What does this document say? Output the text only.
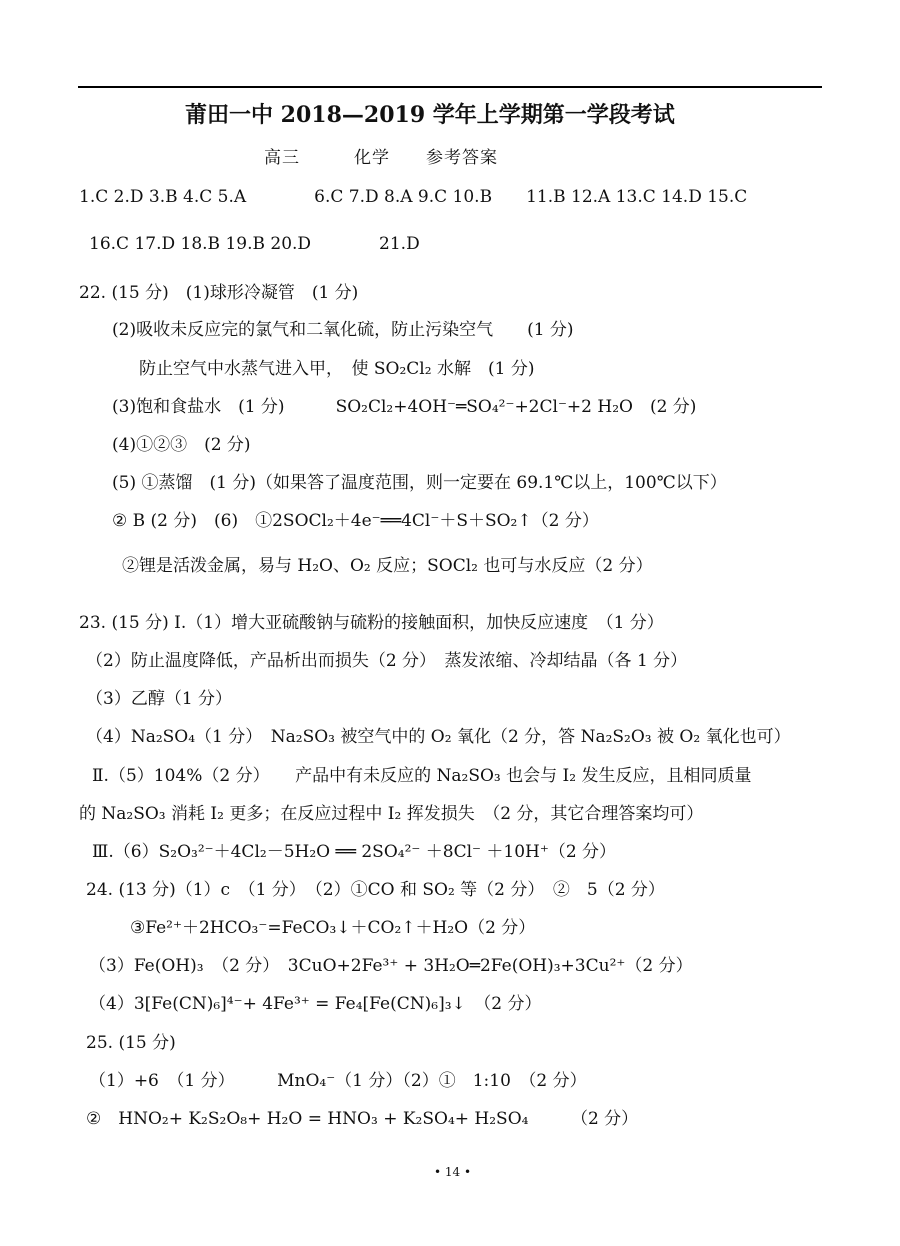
莆田一中 2018—2019 学年上学期第一学段考试
高三　　　化学　　参考答案
1.C 2.D 3.B 4.C 5.A　　　　6.C 7.D 8.A 9.C 10.B　　11.B 12.A 13.C 14.D 15.C
16.C 17.D 18.B 19.B 20.D　　　　21.D
22. (15 分)　(1)球形冷凝管　(1 分)
(2)吸收未反应完的氯气和二氧化硫，防止污染空气　　(1 分)
防止空气中水蒸气进入甲，　使 SO₂Cl₂ 水解　(1 分)
(3)饱和食盐水　(1 分)　　　SO₂Cl₂+4OH⁻═SO₄²⁻+2Cl⁻+2 H₂O　(2 分)
(4)①②③　(2 分)
(5) ①蒸馏　(1 分)（如果答了温度范围，则一定要在 69.1℃以上，100℃以下）
② B (2 分)　(6)　①2SOCl₂＋4e⁻══4Cl⁻＋S＋SO₂↑（2 分）
②锂是活泼金属，易与 H₂O、O₂ 反应；SOCl₂ 也可与水反应（2 分）
23. (15 分) Ⅰ.（1）增大亚硫酸钠与硫粉的接触面积，加快反应速度　（1 分）
（2）防止温度降低，产品析出而损失（2 分）　蒸发浓缩、冷却结晶（各 1 分）
（3）乙醇（1 分）
（4）Na₂SO₄（1 分）　Na₂SO₃ 被空气中的 O₂ 氧化（2 分，答 Na₂S₂O₃ 被 O₂ 氧化也可）
Ⅱ.（5）104%（2 分）　　产品中有未反应的 Na₂SO₃ 也会与 I₂ 发生反应，且相同质量
的 Na₂SO₃ 消耗 I₂ 更多；在反应过程中 I₂ 挥发损失　（2 分，其它合理答案均可）
Ⅲ.（6）S₂O₃²⁻＋4Cl₂－5H₂O ══ 2SO₄²⁻ ＋8Cl⁻ ＋10H⁺（2 分）
24. (13 分)（1）c　（1 分）　（2）①CO 和 SO₂ 等（2 分）　②　5（2 分）
③Fe²⁺＋2HCO₃⁻=FeCO₃↓＋CO₂↑＋H₂O（2 分）
（3）Fe(OH)₃　（2 分）　3CuO+2Fe³⁺ + 3H₂O═2Fe(OH)₃+3Cu²⁺（2 分）
（4）3[Fe(CN)₆]⁴⁻+ 4Fe³⁺ = Fe₄[Fe(CN)₆]₃↓　（2 分）
25. (15 分)
（1）+6　（1 分）　　　MnO₄⁻（1 分）（2）①　1:10　（2 分）
②　HNO₂+ K₂S₂O₈+ H₂O = HNO₃ + K₂SO₄+ H₂SO₄　　　（2 分）
• 14 •
